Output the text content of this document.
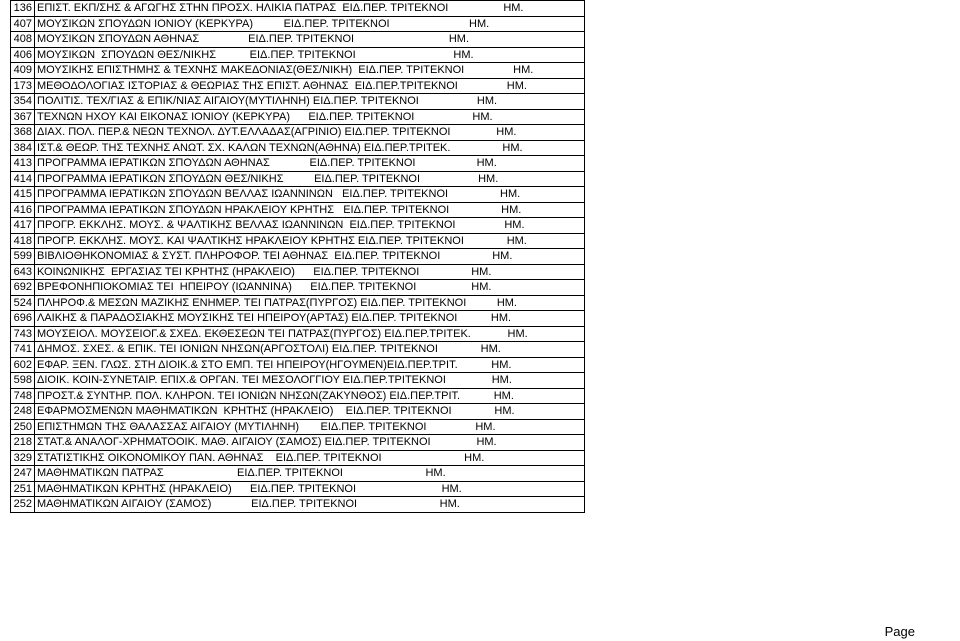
136	ΕΠΙΣΤ. ΕΚΠ/ΣΗΣ & ΑΓΩΓΗΣ ΣΤΗΝ ΠΡΟΣΧ. ΗΛΙΚΙΑ ΠΑΤΡΑΣ  ΕΙΔ.ΠΕΡ. ΤΡΙΤΕΚΝΟΙ                  ΗΜ.

407	ΜΟΥΣΙΚΩΝ ΣΠΟΥΔΩΝ ΙΟΝΙΟΥ (ΚΕΡΚΥΡΑ)          ΕΙΔ.ΠΕΡ. ΤΡΙΤΕΚΝΟΙ                          ΗΜ.

408	ΜΟΥΣΙΚΩΝ ΣΠΟΥΔΩΝ ΑΘΗΝΑΣ                ΕΙΔ.ΠΕΡ. ΤΡΙΤΕΚΝΟΙ                               ΗΜ.

406	ΜΟΥΣΙΚΩΝ  ΣΠΟΥΔΩΝ ΘΕΣ/ΝΙΚΗΣ           ΕΙΔ.ΠΕΡ. ΤΡΙΤΕΚΝΟΙ                                ΗΜ.

409	ΜΟΥΣΙΚΗΣ ΕΠΙΣΤΗΜΗΣ & ΤΕΧΝΗΣ ΜΑΚΕΔΟΝΙΑΣ(ΘΕΣ/ΝΙΚΗ)  ΕΙΔ.ΠΕΡ. ΤΡΙΤΕΚΝΟΙ                ΗΜ.

173	ΜΕΘΟΔΟΛΟΓΙΑΣ ΙΣΤΟΡΙΑΣ & ΘΕΩΡΙΑΣ ΤΗΣ ΕΠΙΣΤ. ΑΘΗΝΑΣ  ΕΙΔ.ΠΕΡ.ΤΡΙΤΕΚΝΟΙ                ΗΜ.

354	ΠΟΛΙΤΙΣ. ΤΕΧ/ΓΙΑΣ & ΕΠΙΚ/ΝΙΑΣ ΑΙΓΑΙΟΥ(ΜΥΤΙΛΗΝΗ) ΕΙΔ.ΠΕΡ. ΤΡΙΤΕΚΝΟΙ                   ΗΜ.

367	ΤΕΧΝΩΝ ΗΧΟΥ ΚΑΙ ΕΙΚΟΝΑΣ ΙΟΝΙΟΥ (ΚΕΡΚΥΡΑ)      ΕΙΔ.ΠΕΡ. ΤΡΙΤΕΚΝΟΙ                   ΗΜ.

368	ΔΙΑΧ. ΠΟΛ. ΠΕΡ.& ΝΕΩΝ ΤΕΧΝΟΛ. ΔΥΤ.ΕΛΛΑΔΑΣ(ΑΓΡΙΝΙΟ) ΕΙΔ.ΠΕΡ. ΤΡΙΤΕΚΝΟΙ               ΗΜ.

384	ΙΣΤ.& ΘΕΩΡ. ΤΗΣ ΤΕΧΝΗΣ ΑΝΩΤ. ΣΧ. ΚΑΛΩΝ ΤΕΧΝΩΝ(ΑΘΗΝΑ) ΕΙΔ.ΠΕΡ.ΤΡΙΤΕΚ.                 ΗΜ.

413	ΠΡΟΓΡΑΜΜΑ ΙΕΡΑΤΙΚΩΝ ΣΠΟΥΔΩΝ ΑΘΗΝΑΣ             ΕΙΔ.ΠΕΡ. ΤΡΙΤΕΚΝΟΙ                    ΗΜ.

414	ΠΡΟΓΡΑΜΜΑ ΙΕΡΑΤΙΚΩΝ ΣΠΟΥΔΩΝ ΘΕΣ/ΝΙΚΗΣ          ΕΙΔ.ΠΕΡ. ΤΡΙΤΕΚΝΟΙ                   ΗΜ.

415	ΠΡΟΓΡΑΜΜΑ ΙΕΡΑΤΙΚΩΝ ΣΠΟΥΔΩΝ ΒΕΛΛΑΣ ΙΩΑΝΝΙΝΩΝ   ΕΙΔ.ΠΕΡ. ΤΡΙΤΕΚΝΟΙ                 ΗΜ.

416	ΠΡΟΓΡΑΜΜΑ ΙΕΡΑΤΙΚΩΝ ΣΠΟΥΔΩΝ ΗΡΑΚΛΕΙΟΥ ΚΡΗΤΗΣ   ΕΙΔ.ΠΕΡ. ΤΡΙΤΕΚΝΟΙ                 ΗΜ.

417	ΠΡΟΓΡ. ΕΚΚΛΗΣ. ΜΟΥΣ. & ΨΑΛΤΙΚΗΣ ΒΕΛΛΑΣ ΙΩΑΝΝΙΝΩΝ  ΕΙΔ.ΠΕΡ. ΤΡΙΤΕΚΝΟΙ                ΗΜ.

418	ΠΡΟΓΡ. ΕΚΚΛΗΣ. ΜΟΥΣ. ΚΑΙ ΨΑΛΤΙΚΗΣ ΗΡΑΚΛΕΙΟΥ ΚΡΗΤΗΣ ΕΙΔ.ΠΕΡ. ΤΡΙΤΕΚΝΟΙ              ΗΜ.

599	ΒΙΒΛΙΟΘΗΚΟΝΟΜΙΑΣ & ΣΥΣΤ. ΠΛΗΡΟΦΟΡ. ΤΕΙ ΑΘΗΝΑΣ  ΕΙΔ.ΠΕΡ. ΤΡΙΤΕΚΝΟΙ                 ΗΜ.

643	ΚΟΙΝΩΝΙΚΗΣ  ΕΡΓΑΣΙΑΣ ΤΕΙ ΚΡΗΤΗΣ (ΗΡΑΚΛΕΙΟ)      ΕΙΔ.ΠΕΡ. ΤΡΙΤΕΚΝΟΙ                 ΗΜ.

692	ΒΡΕΦΟΝΗΠΙΟΚΟΜΙΑΣ ΤΕΙ  ΗΠΕΙΡΟΥ (ΙΩΑΝΝΙΝΑ)      ΕΙΔ.ΠΕΡ. ΤΡΙΤΕΚΝΟΙ                  ΗΜ.

524	ΠΛΗΡΟΦ.& ΜΕΣΩΝ ΜΑΖΙΚΗΣ ΕΝΗΜΕΡ. ΤΕΙ ΠΑΤΡΑΣ(ΠΥΡΓΟΣ) ΕΙΔ.ΠΕΡ. ΤΡΙΤΕΚΝΟΙ          ΗΜ.

696	ΛΑΙΚΗΣ & ΠΑΡΑΔΟΣΙΑΚΗΣ ΜΟΥΣΙΚΗΣ ΤΕΙ ΗΠΕΙΡΟΥ(ΑΡΤΑΣ) ΕΙΔ.ΠΕΡ. ΤΡΙΤΕΚΝΟΙ           ΗΜ.

743	ΜΟΥΣΕΙΟΛ. ΜΟΥΣΕΙΟΓ.& ΣΧΕΔ. ΕΚΘΕΣΕΩΝ ΤΕΙ ΠΑΤΡΑΣ(ΠΥΡΓΟΣ) ΕΙΔ.ΠΕΡ.ΤΡΙΤΕΚ.            ΗΜ.

741	ΔΗΜΟΣ. ΣΧΕΣ. & ΕΠΙΚ. ΤΕΙ ΙΟΝΙΩΝ ΝΗΣΩΝ(ΑΡΓΟΣΤΟΛΙ) ΕΙΔ.ΠΕΡ. ΤΡΙΤΕΚΝΟΙ              ΗΜ.

602	ΕΦΑΡ. ΞΕΝ. ΓΛΩΣ. ΣΤΗ ΔΙΟΙΚ.& ΣΤΟ ΕΜΠ. ΤΕΙ ΗΠΕΙΡΟΥ(ΗΓΟΥΜΕΝ)ΕΙΔ.ΠΕΡ.ΤΡΙΤ.           ΗΜ.

598	ΔΙΟΙΚ. ΚΟΙΝ-ΣΥΝΕΤΑΙΡ. ΕΠΙΧ.& ΟΡΓΑΝ. ΤΕΙ ΜΕΣΟΛΟΓΓΙΟΥ ΕΙΔ.ΠΕΡ.ΤΡΙΤΕΚΝΟΙ               ΗΜ.

748	ΠΡΟΣΤ.& ΣΥΝΤΗΡ. ΠΟΛ. ΚΛΗΡΟΝ. ΤΕΙ ΙΟΝΙΩΝ ΝΗΣΩΝ(ΖΑΚΥΝΘΟΣ) ΕΙΔ.ΠΕΡ.ΤΡΙΤ.           ΗΜ.

248	ΕΦΑΡΜΟΣΜΕΝΩΝ ΜΑΘΗΜΑΤΙΚΩΝ  ΚΡΗΤΗΣ (ΗΡΑΚΛΕΙΟ)    ΕΙΔ.ΠΕΡ. ΤΡΙΤΕΚΝΟΙ              ΗΜ.

250	ΕΠΙΣΤΗΜΩΝ ΤΗΣ ΘΑΛΑΣΣΑΣ ΑΙΓΑΙΟΥ (ΜΥΤΙΛΗΝΗ)       ΕΙΔ.ΠΕΡ. ΤΡΙΤΕΚΝΟΙ                ΗΜ.

218	ΣΤΑΤ.& ΑΝΑΛΟΓ-ΧΡΗΜΑΤΟΟΙΚ. ΜΑΘ. ΑΙΓΑΙΟΥ (ΣΑΜΟΣ) ΕΙΔ.ΠΕΡ. ΤΡΙΤΕΚΝΟΙ               ΗΜ.

329	ΣΤΑΤΙΣΤΙΚΗΣ ΟΙΚΟΝΟΜΙΚΟΥ ΠΑΝ. ΑΘΗΝΑΣ    ΕΙΔ.ΠΕΡ. ΤΡΙΤΕΚΝΟΙ                           ΗΜ.

247	ΜΑΘΗΜΑΤΙΚΩΝ ΠΑΤΡΑΣ                        ΕΙΔ.ΠΕΡ. ΤΡΙΤΕΚΝΟΙ                           ΗΜ.

251	ΜΑΘΗΜΑΤΙΚΩΝ ΚΡΗΤΗΣ (ΗΡΑΚΛΕΙΟ)      ΕΙΔ.ΠΕΡ. ΤΡΙΤΕΚΝΟΙ                            ΗΜ.

252	ΜΑΘΗΜΑΤΙΚΩΝ ΑΙΓΑΙΟΥ (ΣΑΜΟΣ)             ΕΙΔ.ΠΕΡ. ΤΡΙΤΕΚΝΟΙ                           ΗΜ.
Page
